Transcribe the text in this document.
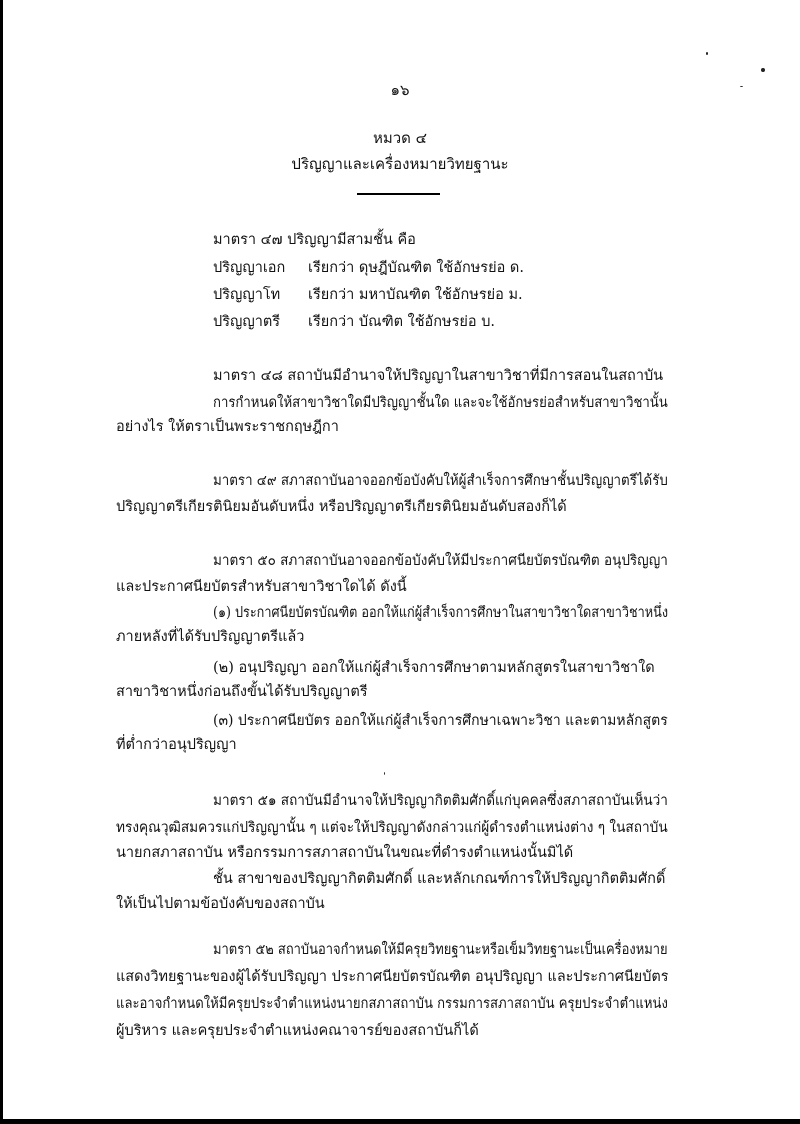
๑๖
หมวด ๔
ปริญญาและเครื่องหมายวิทยฐานะ
มาตรา ๔๗ ปริญญามีสามชั้น คือ
ปริญญาเอก เรียกว่า ดุษฎีบัณฑิต ใช้อักษรย่อ ด.
ปริญญาโท เรียกว่า มหาบัณฑิต ใช้อักษรย่อ ม.
ปริญญาตรี เรียกว่า บัณฑิต ใช้อักษรย่อ บ.
มาตรา ๔๘ สถาบันมีอำนาจให้ปริญญาในสาขาวิชาที่มีการสอนในสถาบัน
การกำหนดให้สาขาวิชาใดมีปริญญาชั้นใด และจะใช้อักษรย่อสำหรับสาขาวิชานั้น
อย่างไร ให้ตราเป็นพระราชกฤษฎีกา
มาตรา ๔๙ สภาสถาบันอาจออกข้อบังคับให้ผู้สำเร็จการศึกษาชั้นปริญญาตรีได้รับ
ปริญญาตรีเกียรตินิยมอันดับหนึ่ง หรือปริญญาตรีเกียรตินิยมอันดับสองก็ได้
มาตรา ๕๐ สภาสถาบันอาจออกข้อบังคับให้มีประกาศนียบัตรบัณฑิต อนุปริญญา
และประกาศนียบัตรสำหรับสาขาวิชาใดได้ ดังนี้
(๑) ประกาศนียบัตรบัณฑิต ออกให้แก่ผู้สำเร็จการศึกษาในสาขาวิชาใดสาขาวิชาหนึ่ง
ภายหลังที่ได้รับปริญญาตรีแล้ว
(๒) อนุปริญญา ออกให้แก่ผู้สำเร็จการศึกษาตามหลักสูตรในสาขาวิชาใด
สาขาวิชาหนึ่งก่อนถึงขั้นได้รับปริญญาตรี
(๓) ประกาศนียบัตร ออกให้แก่ผู้สำเร็จการศึกษาเฉพาะวิชา และตามหลักสูตร
ที่ต่ำกว่าอนุปริญญา
มาตรา ๕๑ สถาบันมีอำนาจให้ปริญญากิตติมศักดิ์แก่บุคคลซึ่งสภาสถาบันเห็นว่า
ทรงคุณวุฒิสมควรแก่ปริญญานั้น ๆ แต่จะให้ปริญญาดังกล่าวแก่ผู้ดำรงตำแหน่งต่าง ๆ ในสถาบัน
นายกสภาสถาบัน หรือกรรมการสภาสถาบันในขณะที่ดำรงตำแหน่งนั้นมิได้
ชั้น สาขาของปริญญากิตติมศักดิ์ และหลักเกณฑ์การให้ปริญญากิตติมศักดิ์
ให้เป็นไปตามข้อบังคับของสถาบัน
มาตรา ๕๒ สถาบันอาจกำหนดให้มีครุยวิทยฐานะหรือเข็มวิทยฐานะเป็นเครื่องหมาย
แสดงวิทยฐานะของผู้ได้รับปริญญา ประกาศนียบัตรบัณฑิต อนุปริญญา และประกาศนียบัตร
และอาจกำหนดให้มีครุยประจำตำแหน่งนายกสภาสถาบัน กรรมการสภาสถาบัน ครุยประจำตำแหน่ง
ผู้บริหาร และครุยประจำตำแหน่งคณาจารย์ของสถาบันก็ได้
